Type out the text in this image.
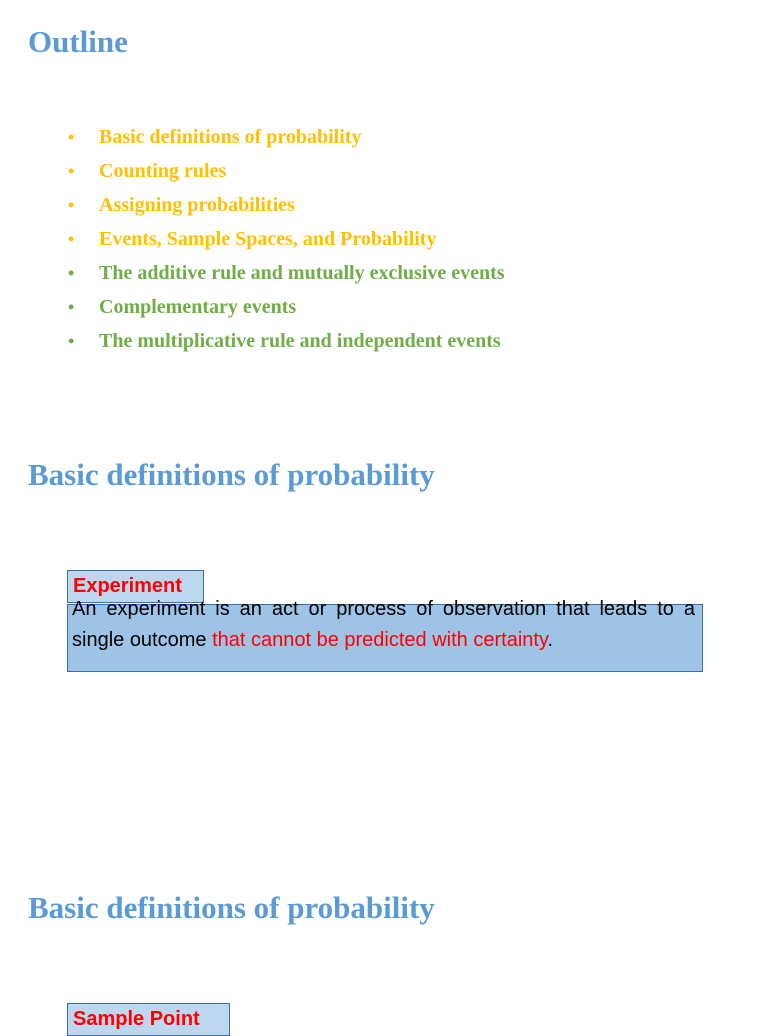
Outline
• Basic definitions of probability
• Counting rules
• Assigning probabilities
• Events, Sample Spaces, and Probability
• The additive rule and mutually exclusive events
• Complementary events
• The multiplicative rule and independent events
Basic definitions of probability
Experiment

An experiment is an act or process of observation that leads to a single outcome that cannot be predicted with certainty.

Basic definitions of probability
Sample Point
